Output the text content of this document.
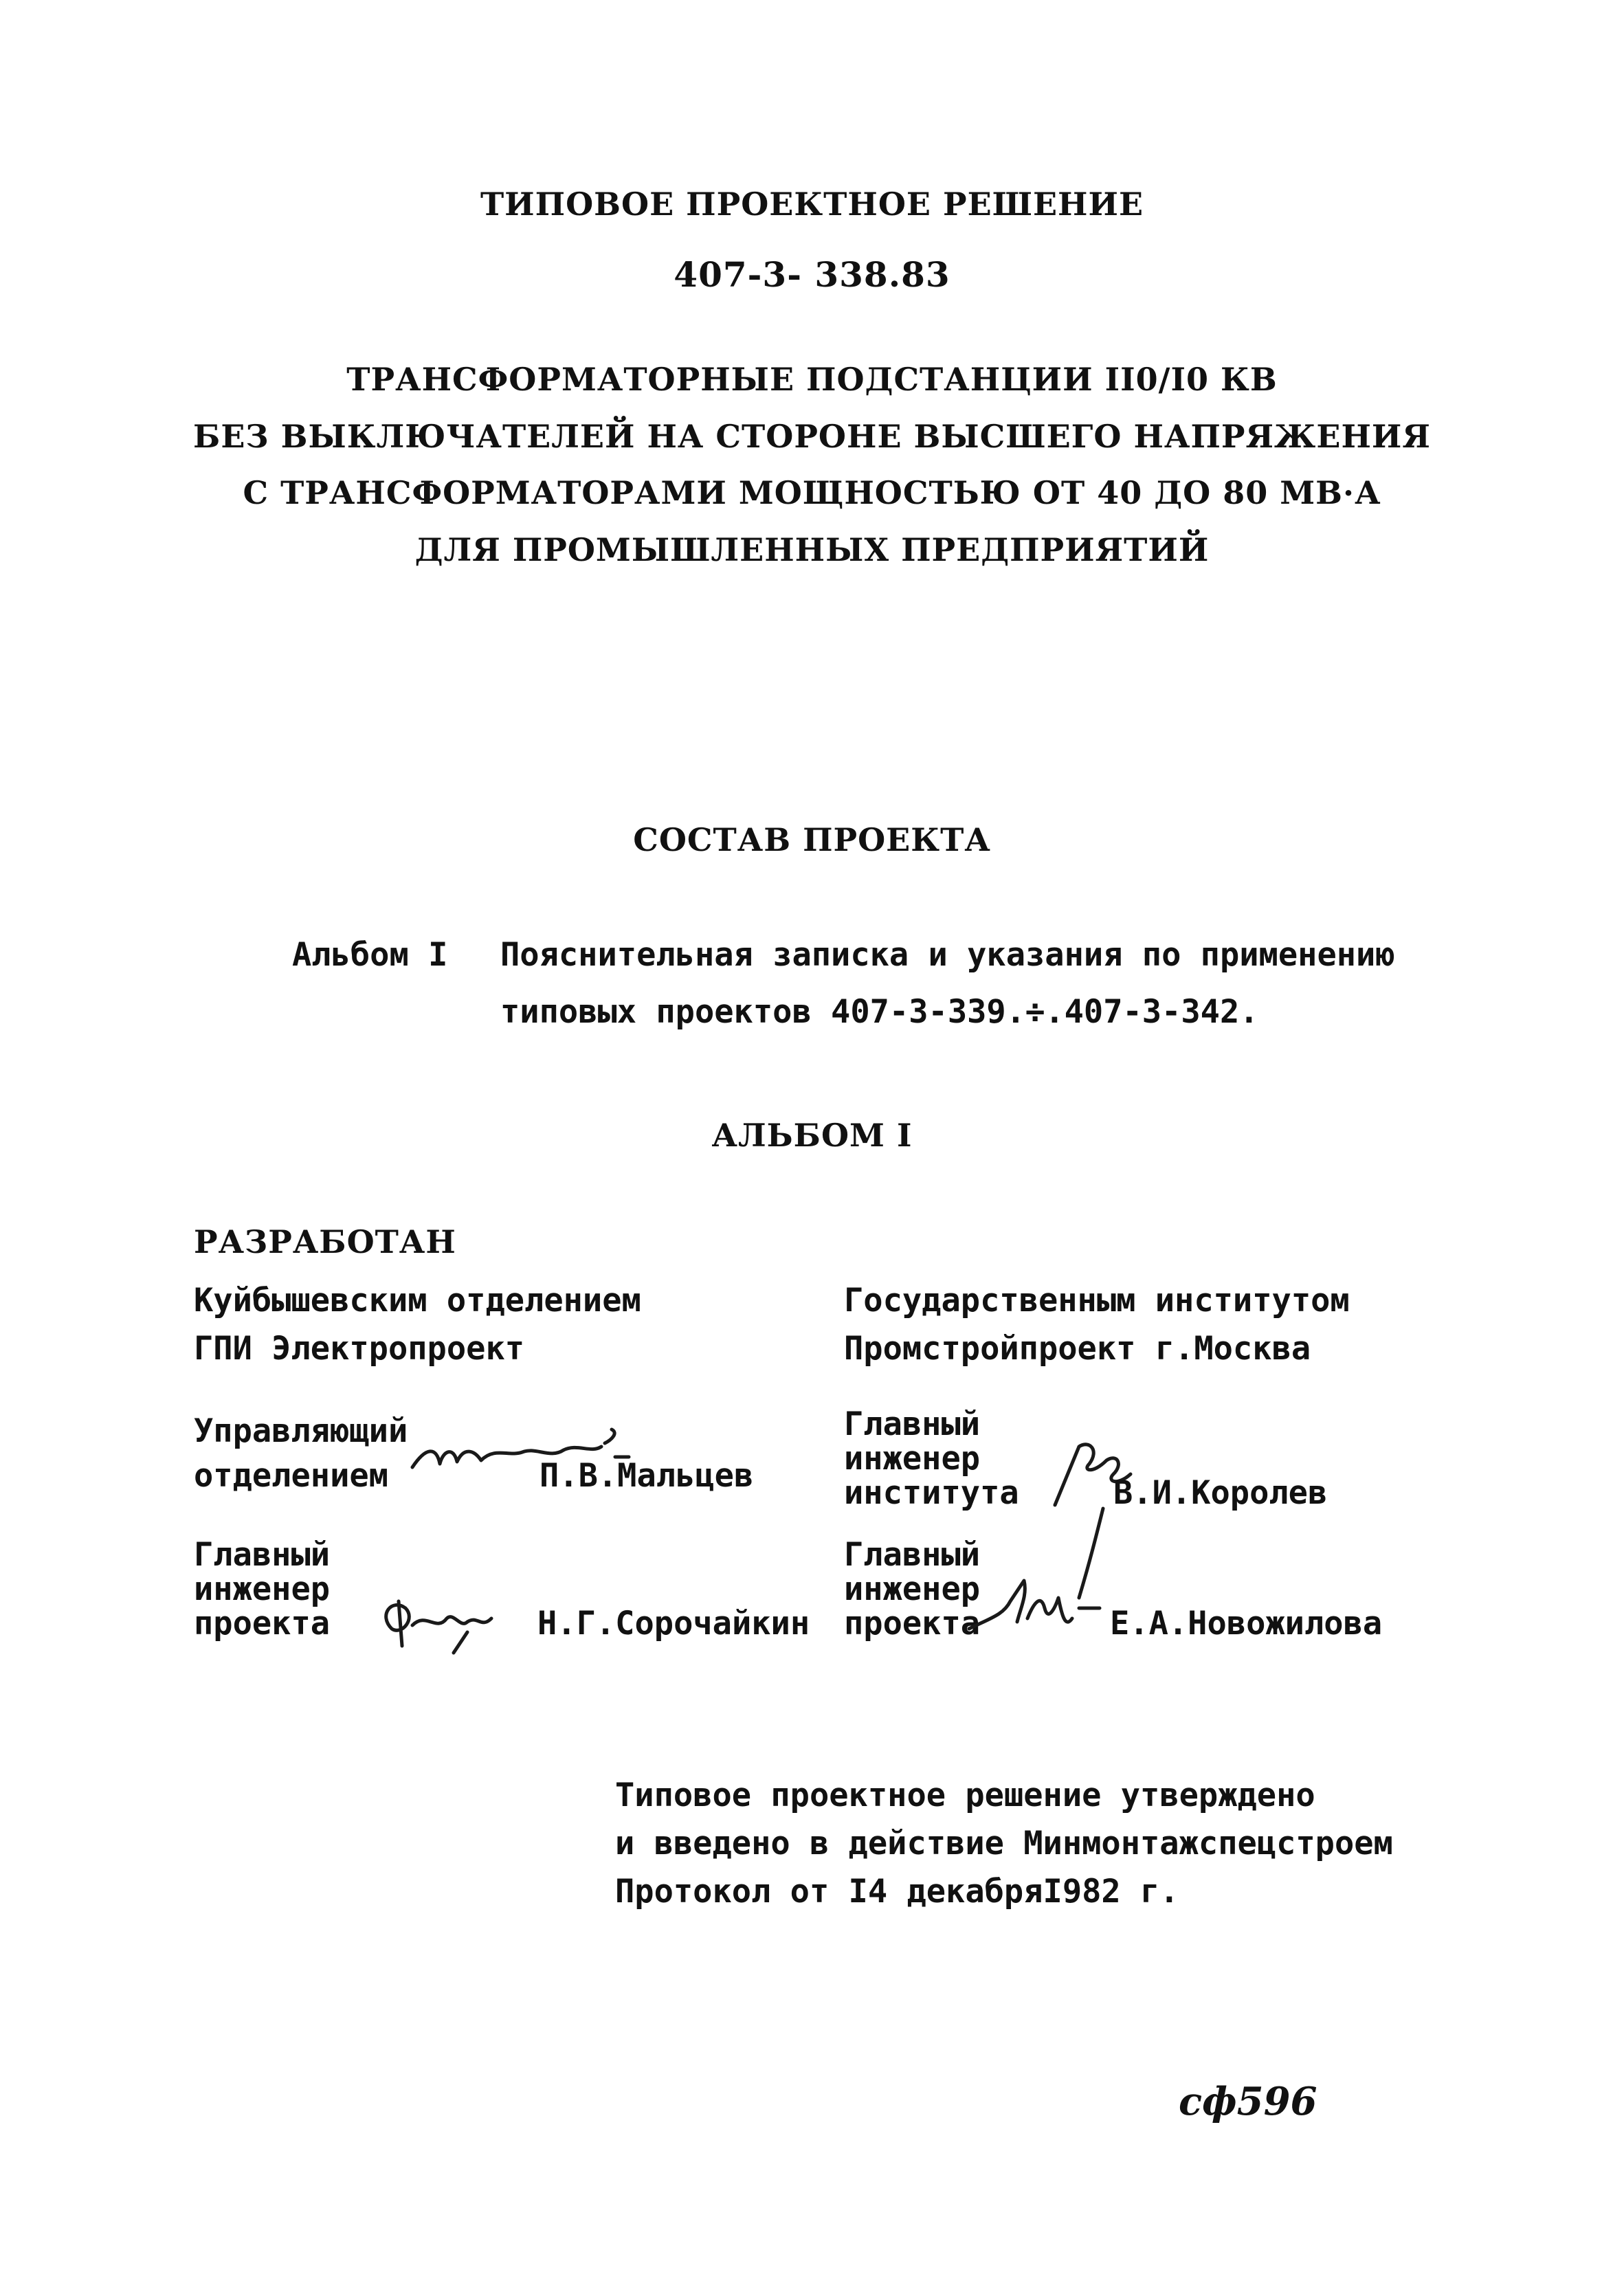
ТИПОВОЕ ПРОЕКТНОЕ РЕШЕНИЕ
407-3- 338.83
ТРАНСФОРМАТОРНЫЕ ПОДСТАНЦИИ II0/I0 КВ
БЕЗ ВЫКЛЮЧАТЕЛЕЙ НА СТОРОНЕ ВЫСШЕГО НАПРЯЖЕНИЯ
С ТРАНСФОРМАТОРАМИ МОЩНОСТЬЮ ОТ 40 ДО 80 МВ·А
ДЛЯ ПРОМЫШЛЕННЫХ ПРЕДПРИЯТИЙ
СОСТАВ ПРОЕКТА
Альбом I Пояснительная записка и указания по применению
типовых проектов 407-3-339.÷.407-3-342.
АЛЬБОМ I
РАЗРАБОТАН
Куйбышевским отделением
ГПИ Электропроект
Государственным институтом
Промстройпроект г.Москва
Управляющий
отделением	П.В.Мальцев
Главный
инженер
института	В.И.Королев
Главный
инженер
проекта	Н.Г.Сорочайкин
Главный
инженер
проекта	Е.А.Новожилова
Типовое проектное решение утверждено
и введено в действие Минмонтажспецстроем
Протокол от I4 декабряI982 г.
сф596
